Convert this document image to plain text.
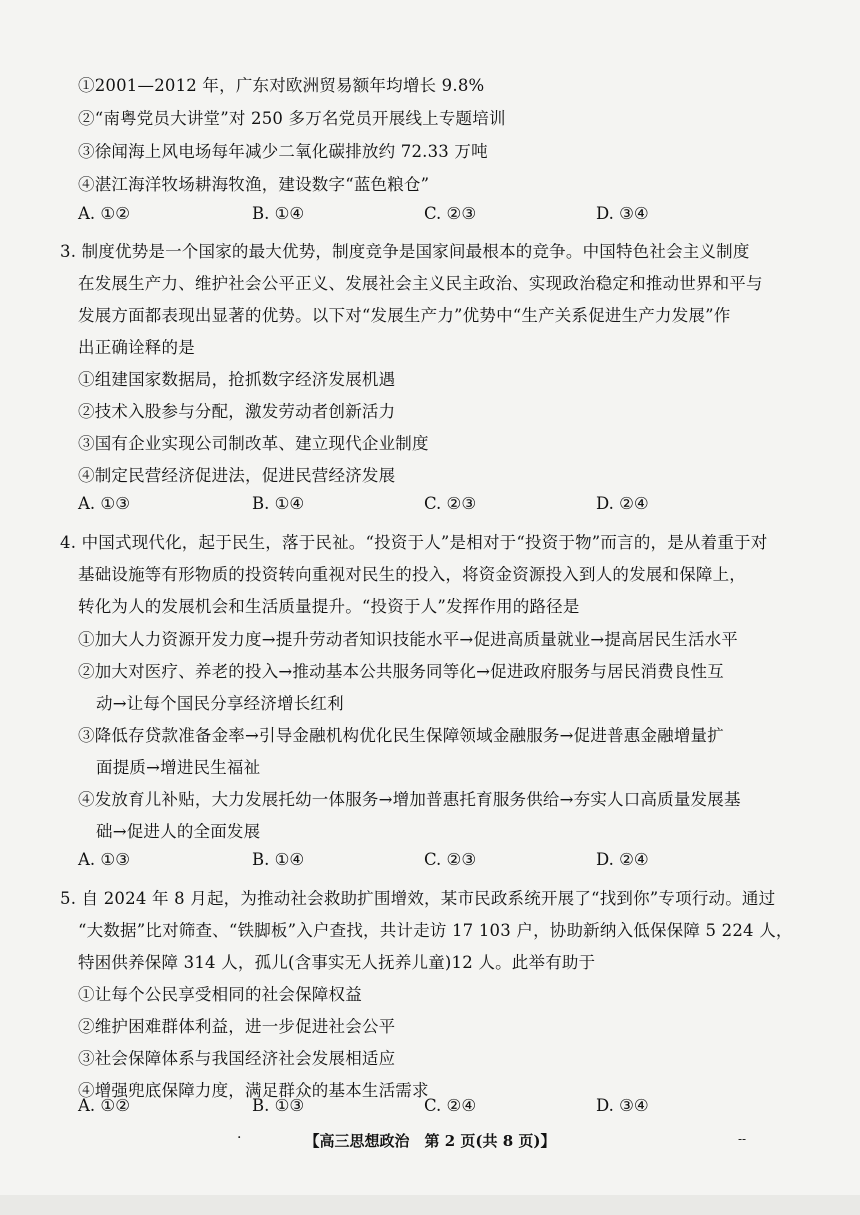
①2001—2012 年，广东对欧洲贸易额年均增长 9.8%
②“南粤党员大讲堂”对 250 多万名党员开展线上专题培训
③徐闻海上风电场每年减少二氧化碳排放约 72.33 万吨
④湛江海洋牧场耕海牧渔，建设数字“蓝色粮仓”
A. ①②	B. ①④	C. ②③	D. ③④
3. 制度优势是一个国家的最大优势，制度竞争是国家间最根本的竞争。中国特色社会主义制度
在发展生产力、维护社会公平正义、发展社会主义民主政治、实现政治稳定和推动世界和平与
发展方面都表现出显著的优势。以下对“发展生产力”优势中“生产关系促进生产力发展”作
出正确诠释的是
①组建国家数据局，抢抓数字经济发展机遇
②技术入股参与分配，激发劳动者创新活力
③国有企业实现公司制改革、建立现代企业制度
④制定民营经济促进法，促进民营经济发展
A. ①③	B. ①④	C. ②③	D. ②④
4. 中国式现代化，起于民生，落于民祉。“投资于人”是相对于“投资于物”而言的，是从着重于对
基础设施等有形物质的投资转向重视对民生的投入，将资金资源投入到人的发展和保障上，
转化为人的发展机会和生活质量提升。“投资于人”发挥作用的路径是
①加大人力资源开发力度→提升劳动者知识技能水平→促进高质量就业→提高居民生活水平
②加大对医疗、养老的投入→推动基本公共服务同等化→促进政府服务与居民消费良性互
动→让每个国民分享经济增长红利
③降低存贷款准备金率→引导金融机构优化民生保障领域金融服务→促进普惠金融增量扩
面提质→增进民生福祉
④发放育儿补贴，大力发展托幼一体服务→增加普惠托育服务供给→夯实人口高质量发展基
础→促进人的全面发展
A. ①③	B. ①④	C. ②③	D. ②④
5. 自 2024 年 8 月起，为推动社会救助扩围增效，某市民政系统开展了“找到你”专项行动。通过
“大数据”比对筛查、“铁脚板”入户查找，共计走访 17 103 户，协助新纳入低保保障 5 224 人，
特困供养保障 314 人，孤儿(含事实无人抚养儿童)12 人。此举有助于
①让每个公民享受相同的社会保障权益
②维护困难群体利益，进一步促进社会公平
③社会保障体系与我国经济社会发展相适应
④增强兜底保障力度，满足群众的基本生活需求
A. ①②	B. ①③	C. ②④	D. ③④
·	【高三思想政治　第 2 页(共 8 页)】	--
